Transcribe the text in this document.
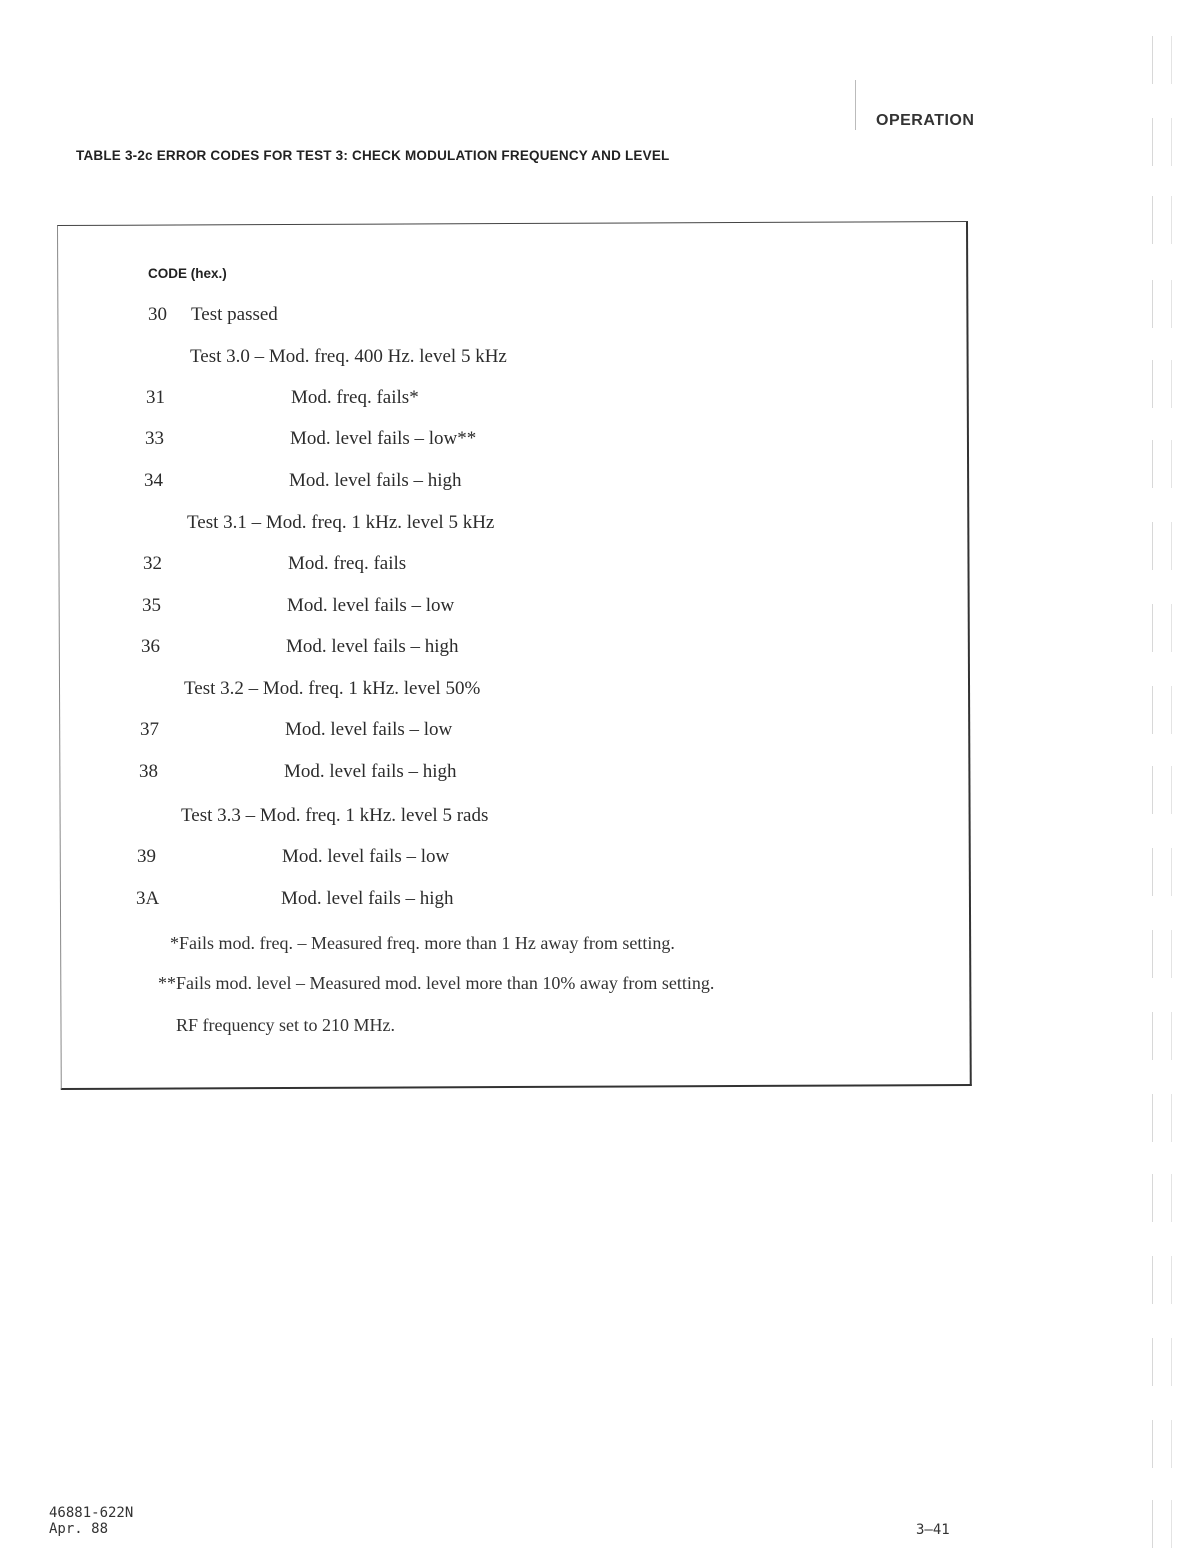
OPERATION
TABLE 3-2c ERROR CODES FOR TEST 3: CHECK MODULATION FREQUENCY AND LEVEL
CODE (hex.)
30 Test passed
Test 3.0 – Mod. freq. 400 Hz. level 5 kHz
31	Mod. freq. fails*
33	Mod. level fails – low**
34	Mod. level fails – high
Test 3.1 – Mod. freq. 1 kHz. level 5 kHz
32	Mod. freq. fails
35	Mod. level fails – low
36	Mod. level fails – high
Test 3.2 – Mod. freq. 1 kHz. level 50%
37	Mod. level fails – low
38	Mod. level fails – high
Test 3.3 – Mod. freq. 1 kHz. level 5 rads
39	Mod. level fails – low
3A	Mod. level fails – high
*Fails mod. freq. – Measured freq. more than 1 Hz away from setting.
**Fails mod. level – Measured mod. level more than 10% away from setting.
RF frequency set to 210 MHz.
46881-622N
Apr. 88	3–41
